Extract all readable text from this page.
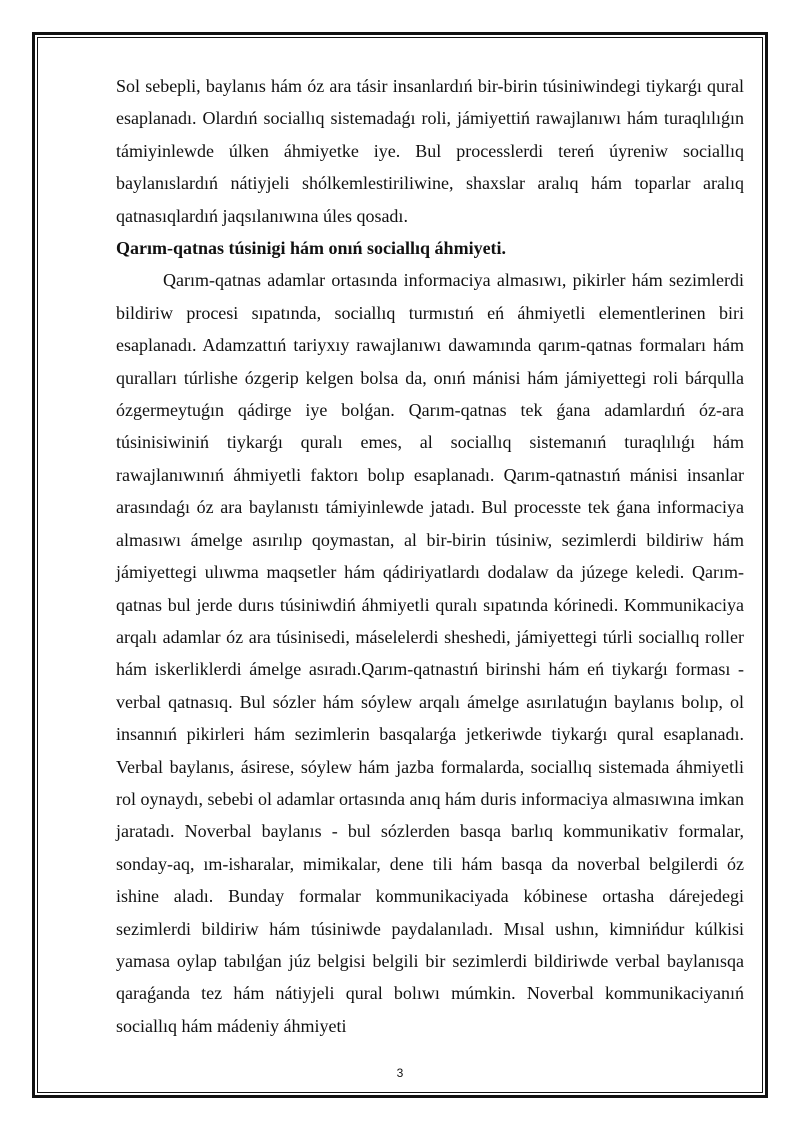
Sol sebepli, baylanıs hám óz ara tásir insanlardıń bir-birin túsiniwindegi tiykarǵı qural esaplanadı. Olardıń sociallıq sistemadaǵı roli, jámiyettiń rawajlanıwı hám turaqlılıǵın támiyinlewde úlken áhmiyetke iye. Bul processlerdi tereń úyreniw sociallıq baylanıslardıń nátiyjeli shólkemlestiriliwine, shaxslar aralıq hám toparlar aralıq qatnasıqlardıń jaqsılanıwına úles qosadı.

Qarım-qatnas túsinigi hám onıń sociallıq áhmiyeti.

Qarım-qatnas adamlar ortasında informaciya almasıwı, pikirler hám sezimlerdi bildiriw procesi sıpatında, sociallıq turmıstıń eń áhmiyetli elementlerinen biri esaplanadı. Adamzattıń tariyxıy rawajlanıwı dawamında qarım-qatnas formaları hám quralları túrlishe ózgerip kelgen bolsa da, onıń mánisi hám jámiyettegi roli bárqulla ózgermeytuǵın qádirge iye bolǵan. Qarım-qatnas tek ǵana adamlardıń óz-ara túsinisiwiniń tiykarǵı quralı emes, al sociallıq sistemanıń turaqlılıǵı hám rawajlanıwınıń áhmiyetli faktorı bolıp esaplanadı. Qarım-qatnastıń mánisi insanlar arasındaǵı óz ara baylanıstı támiyinlewde jatadı. Bul processte tek ǵana informaciya almasıwı ámelge asırılıp qoymastan, al bir-birin túsiniw, sezimlerdi bildiriw hám jámiyettegi ulıwma maqsetler hám qádiriyatlardı dodalaw da júzege keledi. Qarım-qatnas bul jerde durıs túsiniwdiń áhmiyetli quralı sıpatında kórinedi. Kommunikaciya arqalı adamlar óz ara túsinisedi, máselelerdi sheshedi, jámiyettegi túrli sociallıq roller hám iskerliklerdi ámelge asıradı.Qarım-qatnastıń birinshi hám eń tiykarǵı forması - verbal qatnasıq. Bul sózler hám sóylew arqalı ámelge asırılatuǵın baylanıs bolıp, ol insannıń pikirleri hám sezimlerin basqalarǵa jetkeriwde tiykarǵı qural esaplanadı. Verbal baylanıs, ásirese, sóylew hám jazba formalarda, sociallıq sistemada áhmiyetli rol oynaydı, sebebi ol adamlar ortasında anıq hám duris informaciya almasıwına imkan jaratadı. Noverbal baylanıs - bul sózlerden basqa barlıq kommunikativ formalar, sonday-aq, ım-isharalar, mimikalar, dene tili hám basqa da noverbal belgilerdi óz ishine aladı. Bunday formalar kommunikaciyada kóbinese ortasha dárejedegi sezimlerdi bildiriw hám túsiniwde paydalanıladı. Mısal ushın, kimnińdur kúlkisi yamasa oylap tabılǵan júz belgisi belgili bir sezimlerdi bildiriwde verbal baylanısqa qaraǵanda tez hám nátiyjeli qural bolıwı múmkin. Noverbal kommunikaciyanıń sociallıq hám mádeniy áhmiyeti

3
